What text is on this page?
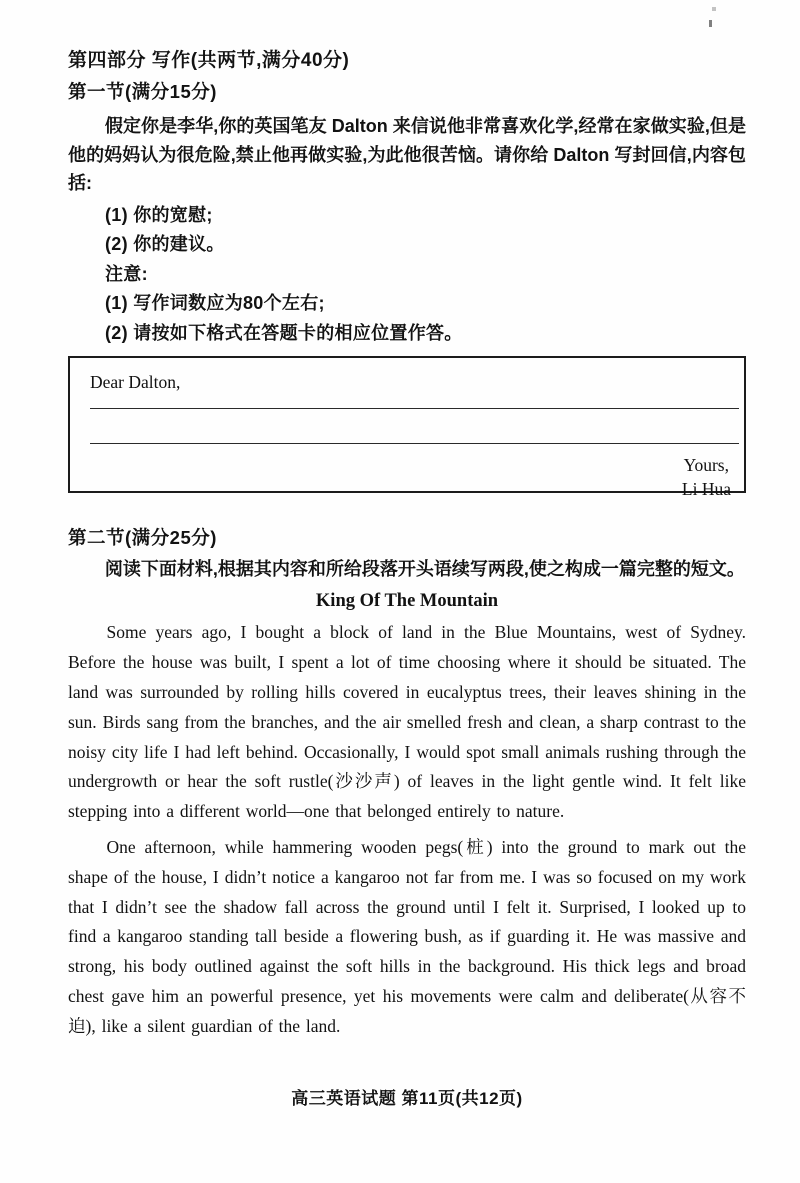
第四部分 写作(共两节,满分40分)
第一节(满分15分)

假定你是李华,你的英国笔友 Dalton 来信说他非常喜欢化学,经常在家做实验,但是他的妈妈认为很危险,禁止他再做实验,为此他很苦恼。请你给 Dalton 写封回信,内容包括:

(1) 你的宽慰;

(2) 你的建议。

注意:

(1) 写作词数应为80个左右;

(2) 请按如下格式在答题卡的相应位置作答。

Dear Dalton,

Yours,

Li Hua

第二节(满分25分)

阅读下面材料,根据其内容和所给段落开头语续写两段,使之构成一篇完整的短文。

King Of The Mountain

Some years ago, I bought a block of land in the Blue Mountains, west of Sydney. Before the house was built, I spent a lot of time choosing where it should be situated. The land was surrounded by rolling hills covered in eucalyptus trees, their leaves shining in the sun. Birds sang from the branches, and the air smelled fresh and clean, a sharp contrast to the noisy city life I had left behind. Occasionally, I would spot small animals rushing through the undergrowth or hear the soft rustle(沙沙声) of leaves in the light gentle wind. It felt like stepping into a different world—one that belonged entirely to nature.

One afternoon, while hammering wooden pegs(桩) into the ground to mark out the shape of the house, I didn’t notice a kangaroo not far from me. I was so focused on my work that I didn’t see the shadow fall across the ground until I felt it. Surprised, I looked up to find a kangaroo standing tall beside a flowering bush, as if guarding it. He was massive and strong, his body outlined against the soft hills in the background. His thick legs and broad chest gave him an powerful presence, yet his movements were calm and deliberate(从容不迫), like a silent guardian of the land.

高三英语试题 第11页(共12页)
